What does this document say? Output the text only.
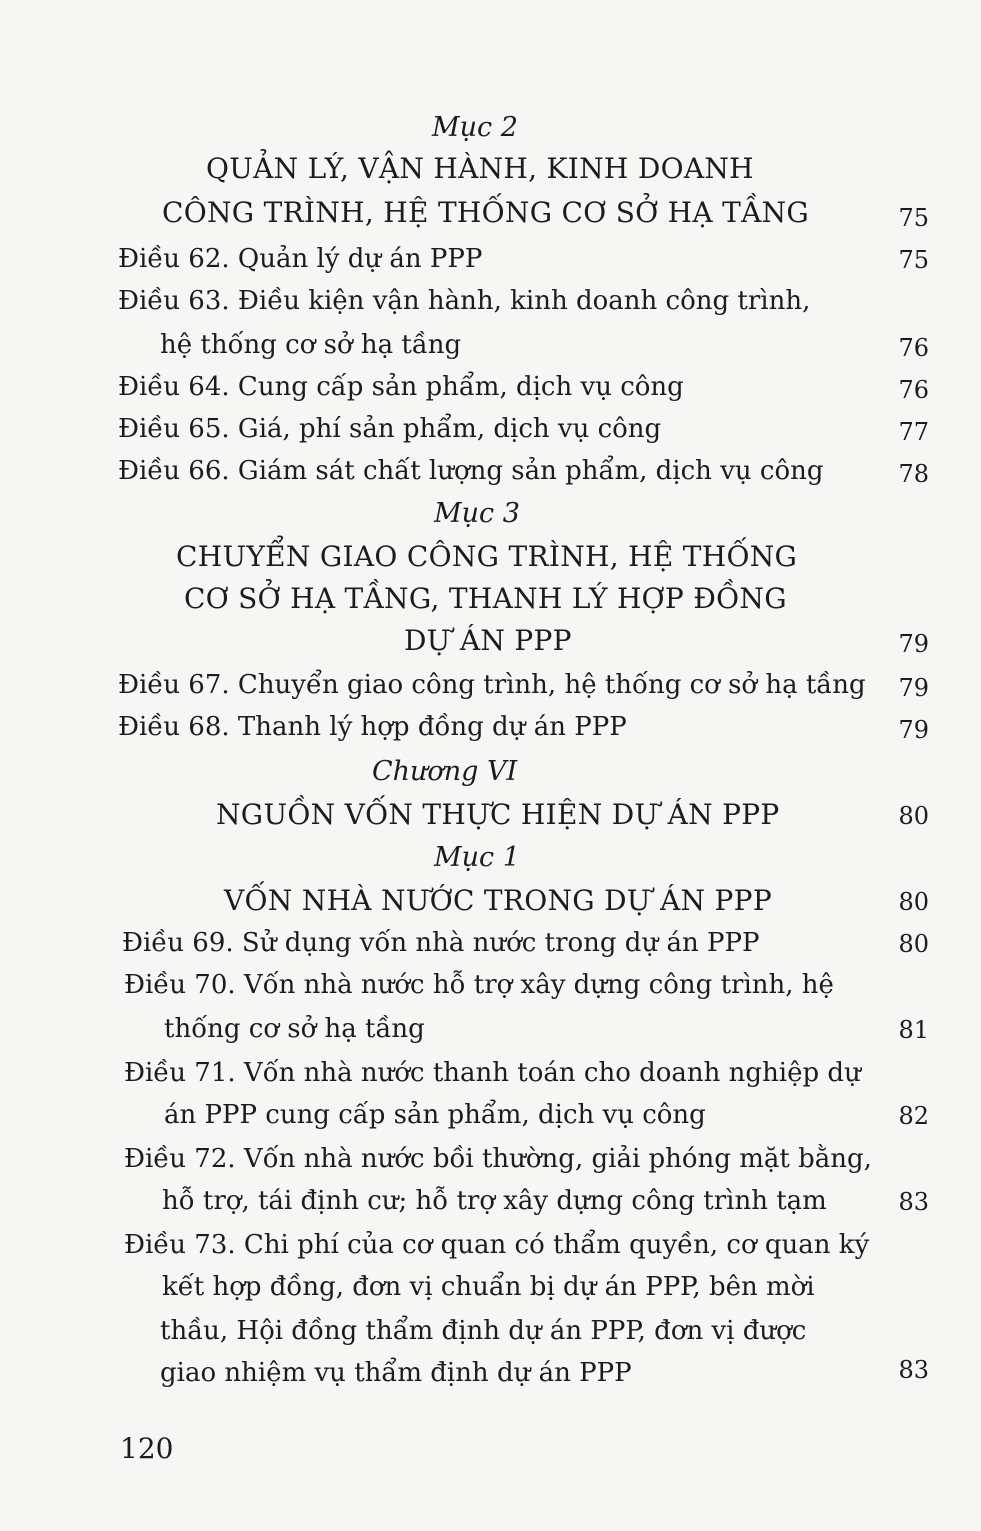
Mục 2
QUẢN LÝ, VẬN HÀNH, KINH DOANH
CÔNG TRÌNH, HỆ THỐNG CƠ SỞ HẠ TẦNG	75
Điều 62. Quản lý dự án PPP	75
Điều 63. Điều kiện vận hành, kinh doanh công trình,
hệ thống cơ sở hạ tầng	76
Điều 64. Cung cấp sản phẩm, dịch vụ công	76
Điều 65. Giá, phí sản phẩm, dịch vụ công	77
Điều 66. Giám sát chất lượng sản phẩm, dịch vụ công	78
Mục 3
CHUYỂN GIAO CÔNG TRÌNH, HỆ THỐNG
CƠ SỞ HẠ TẦNG, THANH LÝ HỢP ĐỒNG
DỰ ÁN PPP	79
Điều 67. Chuyển giao công trình, hệ thống cơ sở hạ tầng	79
Điều 68. Thanh lý hợp đồng dự án PPP	79
Chương VI
NGUỒN VỐN THỰC HIỆN DỰ ÁN PPP	80
Mục 1
VỐN NHÀ NƯỚC TRONG DỰ ÁN PPP	80
Điều 69. Sử dụng vốn nhà nước trong dự án PPP	80
Điều 70. Vốn nhà nước hỗ trợ xây dựng công trình, hệ
thống cơ sở hạ tầng	81
Điều 71. Vốn nhà nước thanh toán cho doanh nghiệp dự
án PPP cung cấp sản phẩm, dịch vụ công	82
Điều 72. Vốn nhà nước bồi thường, giải phóng mặt bằng,
hỗ trợ, tái định cư; hỗ trợ xây dựng công trình tạm	83
Điều 73. Chi phí của cơ quan có thẩm quyền, cơ quan ký
kết hợp đồng, đơn vị chuẩn bị dự án PPP, bên mời
thầu, Hội đồng thẩm định dự án PPP, đơn vị được
giao nhiệm vụ thẩm định dự án PPP	83
120
